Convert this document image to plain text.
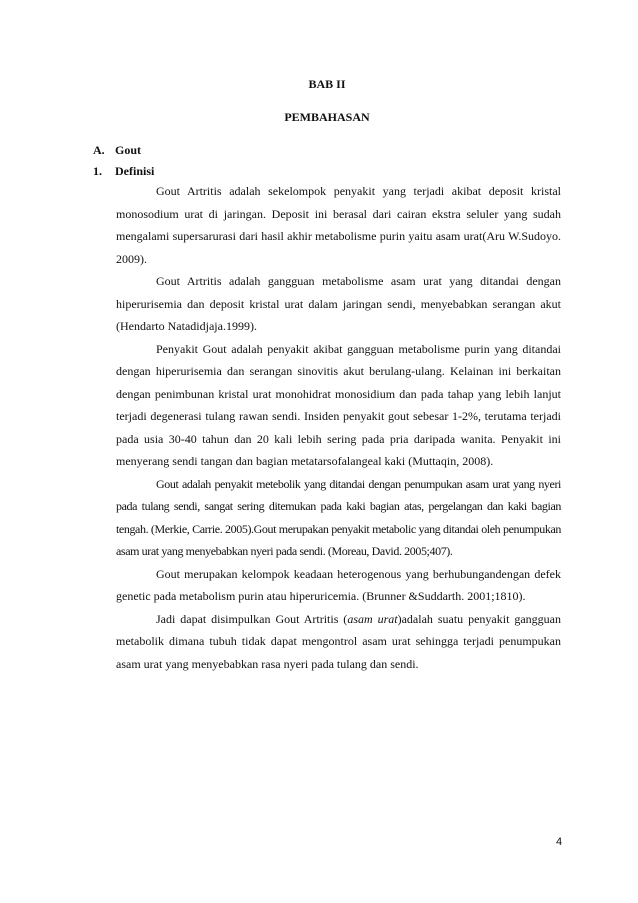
BAB II
PEMBAHASAN
A. Gout
1. Definisi

Gout Artritis adalah sekelompok penyakit yang terjadi akibat deposit kristal monosodium urat di jaringan. Deposit ini berasal dari cairan ekstra seluler yang sudah mengalami supersarurasi dari hasil akhir metabolisme purin yaitu asam urat(Aru W.Sudoyo. 2009).

Gout Artritis adalah gangguan metabolisme asam urat yang ditandai dengan hiperurisemia dan deposit kristal urat dalam jaringan sendi, menyebabkan serangan akut (Hendarto Natadidjaja.1999).

Penyakit Gout adalah penyakit akibat gangguan metabolisme purin yang ditandai dengan hiperurisemia dan serangan sinovitis akut berulang-ulang. Kelainan ini berkaitan dengan penimbunan kristal urat monohidrat monosidium dan pada tahap yang lebih lanjut terjadi degenerasi tulang rawan sendi. Insiden penyakit gout sebesar 1-2%, terutama terjadi pada usia 30-40 tahun dan 20 kali lebih sering pada pria daripada wanita. Penyakit ini menyerang sendi tangan dan bagian metatarsofalangeal kaki (Muttaqin, 2008).

Gout adalah penyakit metebolik yang ditandai dengan penumpukan asam urat yang nyeri pada tulang sendi, sangat sering ditemukan pada kaki bagian atas, pergelangan dan kaki bagian tengah. (Merkie, Carrie. 2005).Gout merupakan penyakit metabolic yang ditandai oleh penumpukan asam urat yang menyebabkan nyeri pada sendi. (Moreau, David. 2005;407).

Gout merupakan kelompok keadaan heterogenous yang berhubungandengan defek genetic pada metabolism purin atau hiperuricemia. (Brunner &Suddarth. 2001;1810).

Jadi dapat disimpulkan Gout Artritis (asam urat)adalah suatu penyakit gangguan metabolik dimana tubuh tidak dapat mengontrol asam urat sehingga terjadi penumpukan asam urat yang menyebabkan rasa nyeri pada tulang dan sendi.

4
